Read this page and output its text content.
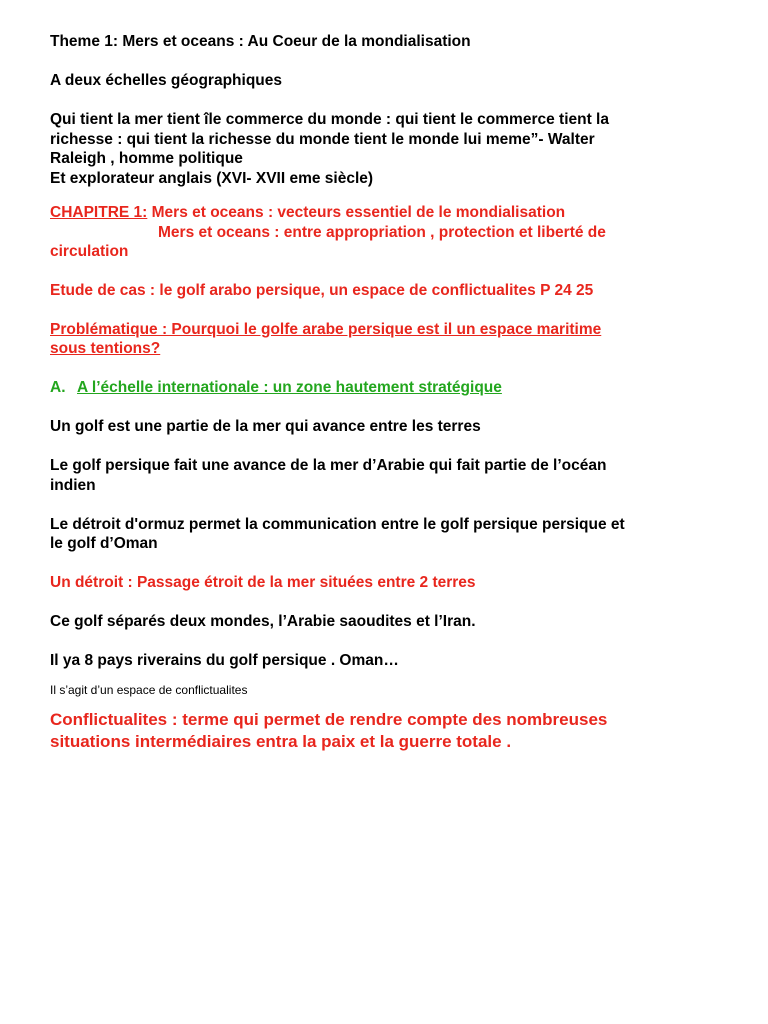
Theme 1: Mers et oceans : Au Coeur de la mondialisation

A deux échelles géographiques

Qui tient la mer tient île commerce du monde : qui tient le commerce tient la

richesse : qui tient la richesse du monde tient le monde lui meme”- Walter

Raleigh , homme politique

Et explorateur anglais (XVI- XVII eme siècle)

CHAPITRE 1: Mers et oceans : vecteurs essentiel de le mondialisation

Mers et oceans : entre appropriation , protection et liberté de

circulation

Etude de cas : le golf arabo persique, un espace de conflictualites P 24 25

Problématique : Pourquoi le golfe arabe persique est il un espace maritime

sous tentions?

A. A l’échelle internationale : un zone hautement stratégique

Un golf est une partie de la mer qui avance entre les terres

Le golf persique fait une avance de la mer d’Arabie qui fait partie de l’océan

indien

Le détroit d'ormuz permet la communication entre le golf persique persique et

le golf d’Oman

Un détroit : Passage étroit de la mer situées entre 2 terres

Ce golf séparés deux mondes, l’Arabie saoudites et l’Iran.

Il ya 8 pays riverains du golf persique . Oman…

Il s’agit d’un espace de conflictualites

Conflictualites : terme qui permet de rendre compte des nombreuses

situations intermédiaires entra la paix et la guerre totale .
